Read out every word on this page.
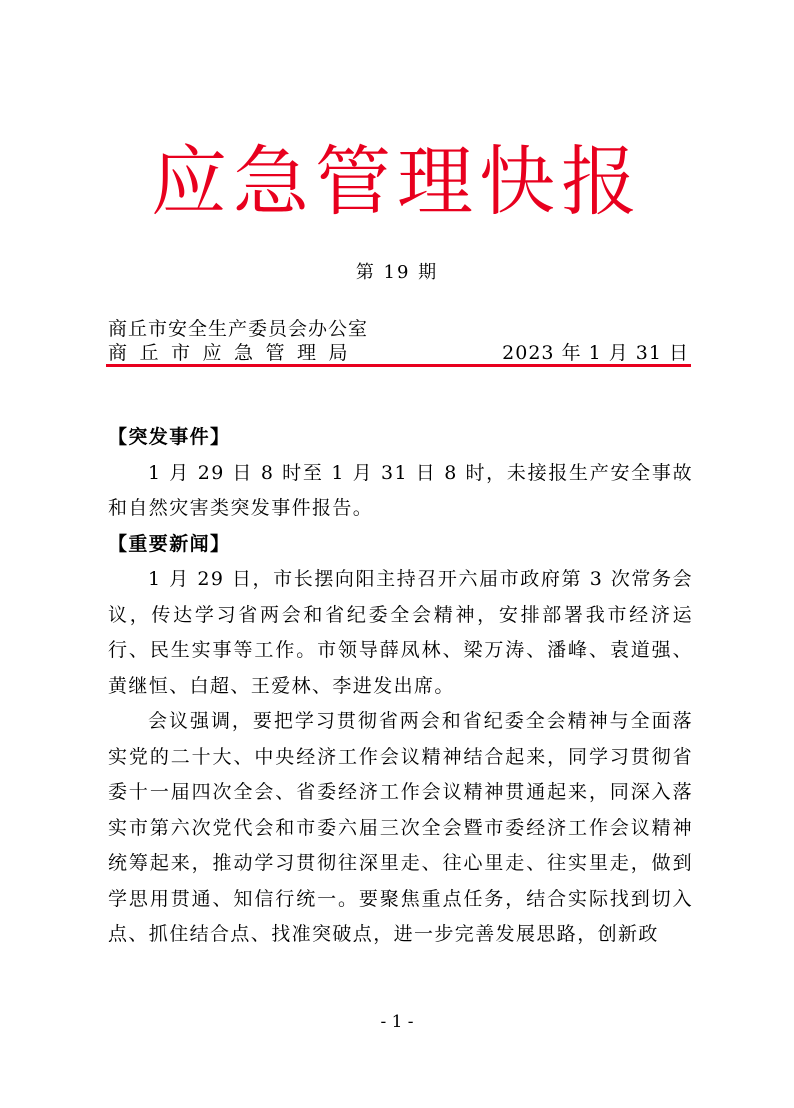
应急管理快报
第 19 期
商丘市安全生产委员会办公室
商丘市应急管理局	2023 年 1 月 31 日
【突发事件】

1 月 29 日 8 时至 1 月 31 日 8 时，未接报生产安全事故和自然灾害类突发事件报告。

【重要新闻】

1 月 29 日，市长摆向阳主持召开六届市政府第 3 次常务会议，传达学习省两会和省纪委全会精神，安排部署我市经济运行、民生实事等工作。市领导薛凤林、梁万涛、潘峰、袁道强、黄继恒、白超、王爱林、李进发出席。

会议强调，要把学习贯彻省两会和省纪委全会精神与全面落实党的二十大、中央经济工作会议精神结合起来，同学习贯彻省委十一届四次全会、省委经济工作会议精神贯通起来，同深入落实市第六次党代会和市委六届三次全会暨市委经济工作会议精神统筹起来，推动学习贯彻往深里走、往心里走、往实里走，做到学思用贯通、知信行统一。要聚焦重点任务，结合实际找到切入点、抓住结合点、找准突破点，进一步完善发展思路，创新政

- 1 -
